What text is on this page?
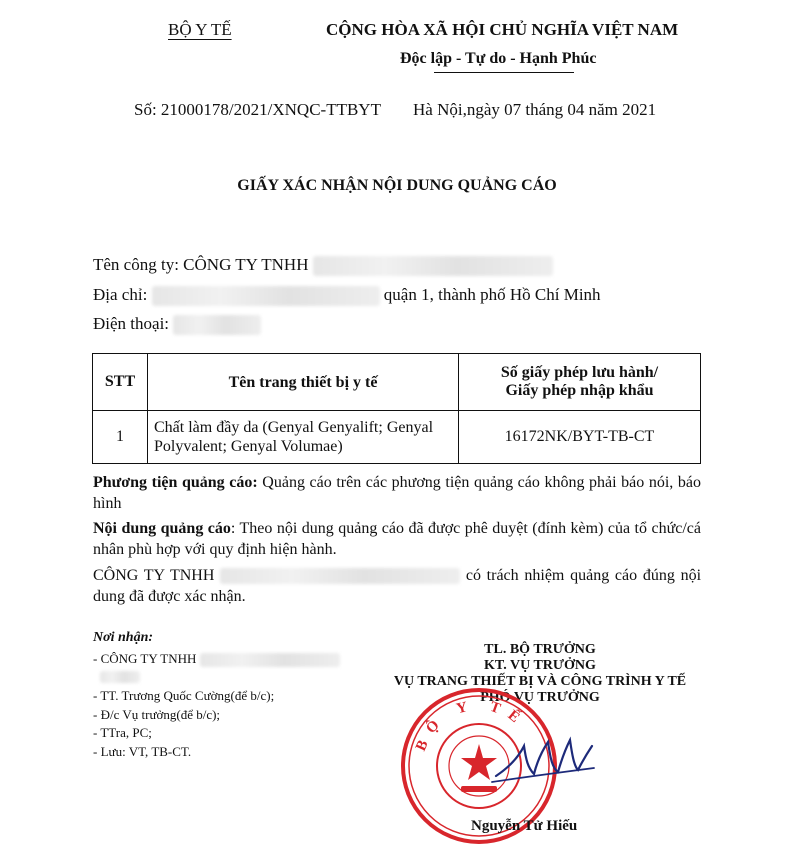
BỘ Y TẾ	CỘNG HÒA XÃ HỘI CHỦ NGHĨA VIỆT NAM
Độc lập - Tự do - Hạnh Phúc
Số: 21000178/2021/XNQC-TTBYT Hà Nội,ngày 07 tháng 04 năm 2021
GIẤY XÁC NHẬN NỘI DUNG QUẢNG CÁO
Tên công ty: CÔNG TY TNHH
Địa chỉ:	quận 1, thành phố Hồ Chí Minh
Điện thoại:
STT	Tên trang thiết bị y tế	Số giấy phép lưu hành/
Giấy phép nhập khẩu
1	Chất làm đầy da (Genyal Genyalift; Genyal Polyvalent; Genyal Volumae)	16172NK/BYT-TB-CT
Phương tiện quảng cáo: Quảng cáo trên các phương tiện quảng cáo không phải báo nói, báo hình
Nội dung quảng cáo: Theo nội dung quảng cáo đã được phê duyệt (đính kèm) của tổ chức/cá nhân phù hợp với quy định hiện hành.
CÔNG TY TNHH	có trách nhiệm quảng cáo đúng nội dung đã được xác nhận.
Nơi nhận:
- CÔNG TY TNHH
- TT. Trương Quốc Cường(để b/c);
- Đ/c Vụ trưởng(để b/c);
- TTra, PC;
- Lưu: VT, TB-CT.
TL. BỘ TRƯỞNG
KT. VỤ TRƯỞNG
VỤ TRANG THIẾT BỊ VÀ CÔNG TRÌNH Y TẾ
PHÓ VỤ TRƯỞNG
BỘ Y TẾ
Nguyễn Tử Hiếu
